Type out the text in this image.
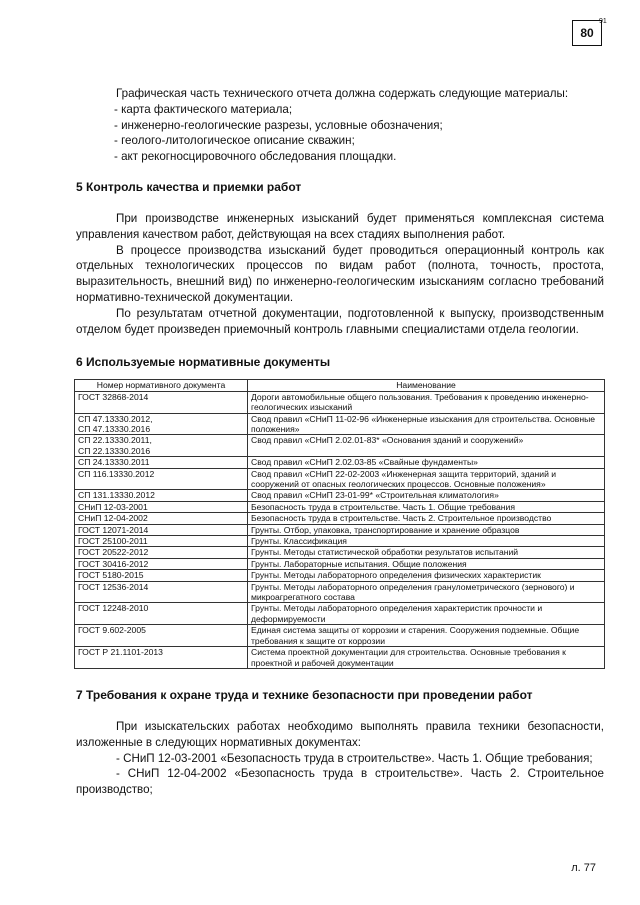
80
91

Графическая часть технического отчета должна содержать следующие материалы:

- карта фактического материала;

- инженерно-геологические разрезы, условные обозначения;

- геолого-литологическое описание скважин;

- акт рекогносцировочного обследования площадки.

5 Контроль качества и приемки работ

При производстве инженерных изысканий будет применяться комплексная система управления качеством работ, действующая на всех стадиях выполнения работ.

В процессе производства изысканий будет проводиться операционный контроль как отдельных технологических процессов по видам работ (полнота, точность, простота, выразительность, внешний вид) по инженерно-геологическим изысканиям согласно требований нормативно-технической документации.

По результатам отчетной документации, подготовленной к выпуску, производственным отделом будет произведен приемочный контроль главными специалистами отдела геологии.

6 Используемые нормативные документы
Номер нормативного документа	Наименование
ГОСТ 32868-2014	Дороги автомобильные общего пользования. Требования к проведению инженерно-геологических изысканий
СП 47.13330.2012,
СП 47.13330.2016	Свод правил «СНиП 11-02-96 «Инженерные изыскания для строительства. Основные положения»
СП 22.13330.2011,
СП 22.13330.2016	Свод правил «СНиП 2.02.01-83* «Основания зданий и сооружений»
СП 24.13330.2011	Свод правил «СНиП 2.02.03-85 «Свайные фундаменты»
СП 116.13330.2012	Свод правил «СНиП 22-02-2003 «Инженерная защита территорий, зданий и сооружений от опасных геологических процессов. Основные положения»
СП 131.13330.2012	Свод правил «СНиП 23-01-99* «Строительная климатология»
СНиП 12-03-2001	Безопасность труда в строительстве. Часть 1. Общие требования
СНиП 12-04-2002	Безопасность труда в строительстве. Часть 2. Строительное производство
ГОСТ 12071-2014	Грунты. Отбор, упаковка, транспортирование и хранение образцов
ГОСТ 25100-2011	Грунты. Классификация
ГОСТ 20522-2012	Грунты. Методы статистической обработки результатов испытаний
ГОСТ 30416-2012	Грунты. Лабораторные испытания. Общие положения
ГОСТ 5180-2015	Грунты. Методы лабораторного определения физических характеристик
ГОСТ 12536-2014	Грунты. Методы лабораторного определения гранулометрического (зернового) и микроагрегатного состава
ГОСТ 12248-2010	Грунты. Методы лабораторного определения характеристик прочности и деформируемости
ГОСТ 9.602-2005	Единая система защиты от коррозии и старения. Сооружения подземные. Общие требования к защите от коррозии
ГОСТ Р 21.1101-2013	Система проектной документации для строительства. Основные требования к проектной и рабочей документации
7 Требования к охране труда и технике безопасности при проведении работ

При изыскательских работах необходимо выполнять правила техники безопасности, изложенные в следующих нормативных документах:

- СНиП 12-03-2001 «Безопасность труда в строительстве». Часть 1. Общие требования;

- СНиП 12-04-2002 «Безопасность труда в строительстве». Часть 2. Строительное производство;

л. 77
